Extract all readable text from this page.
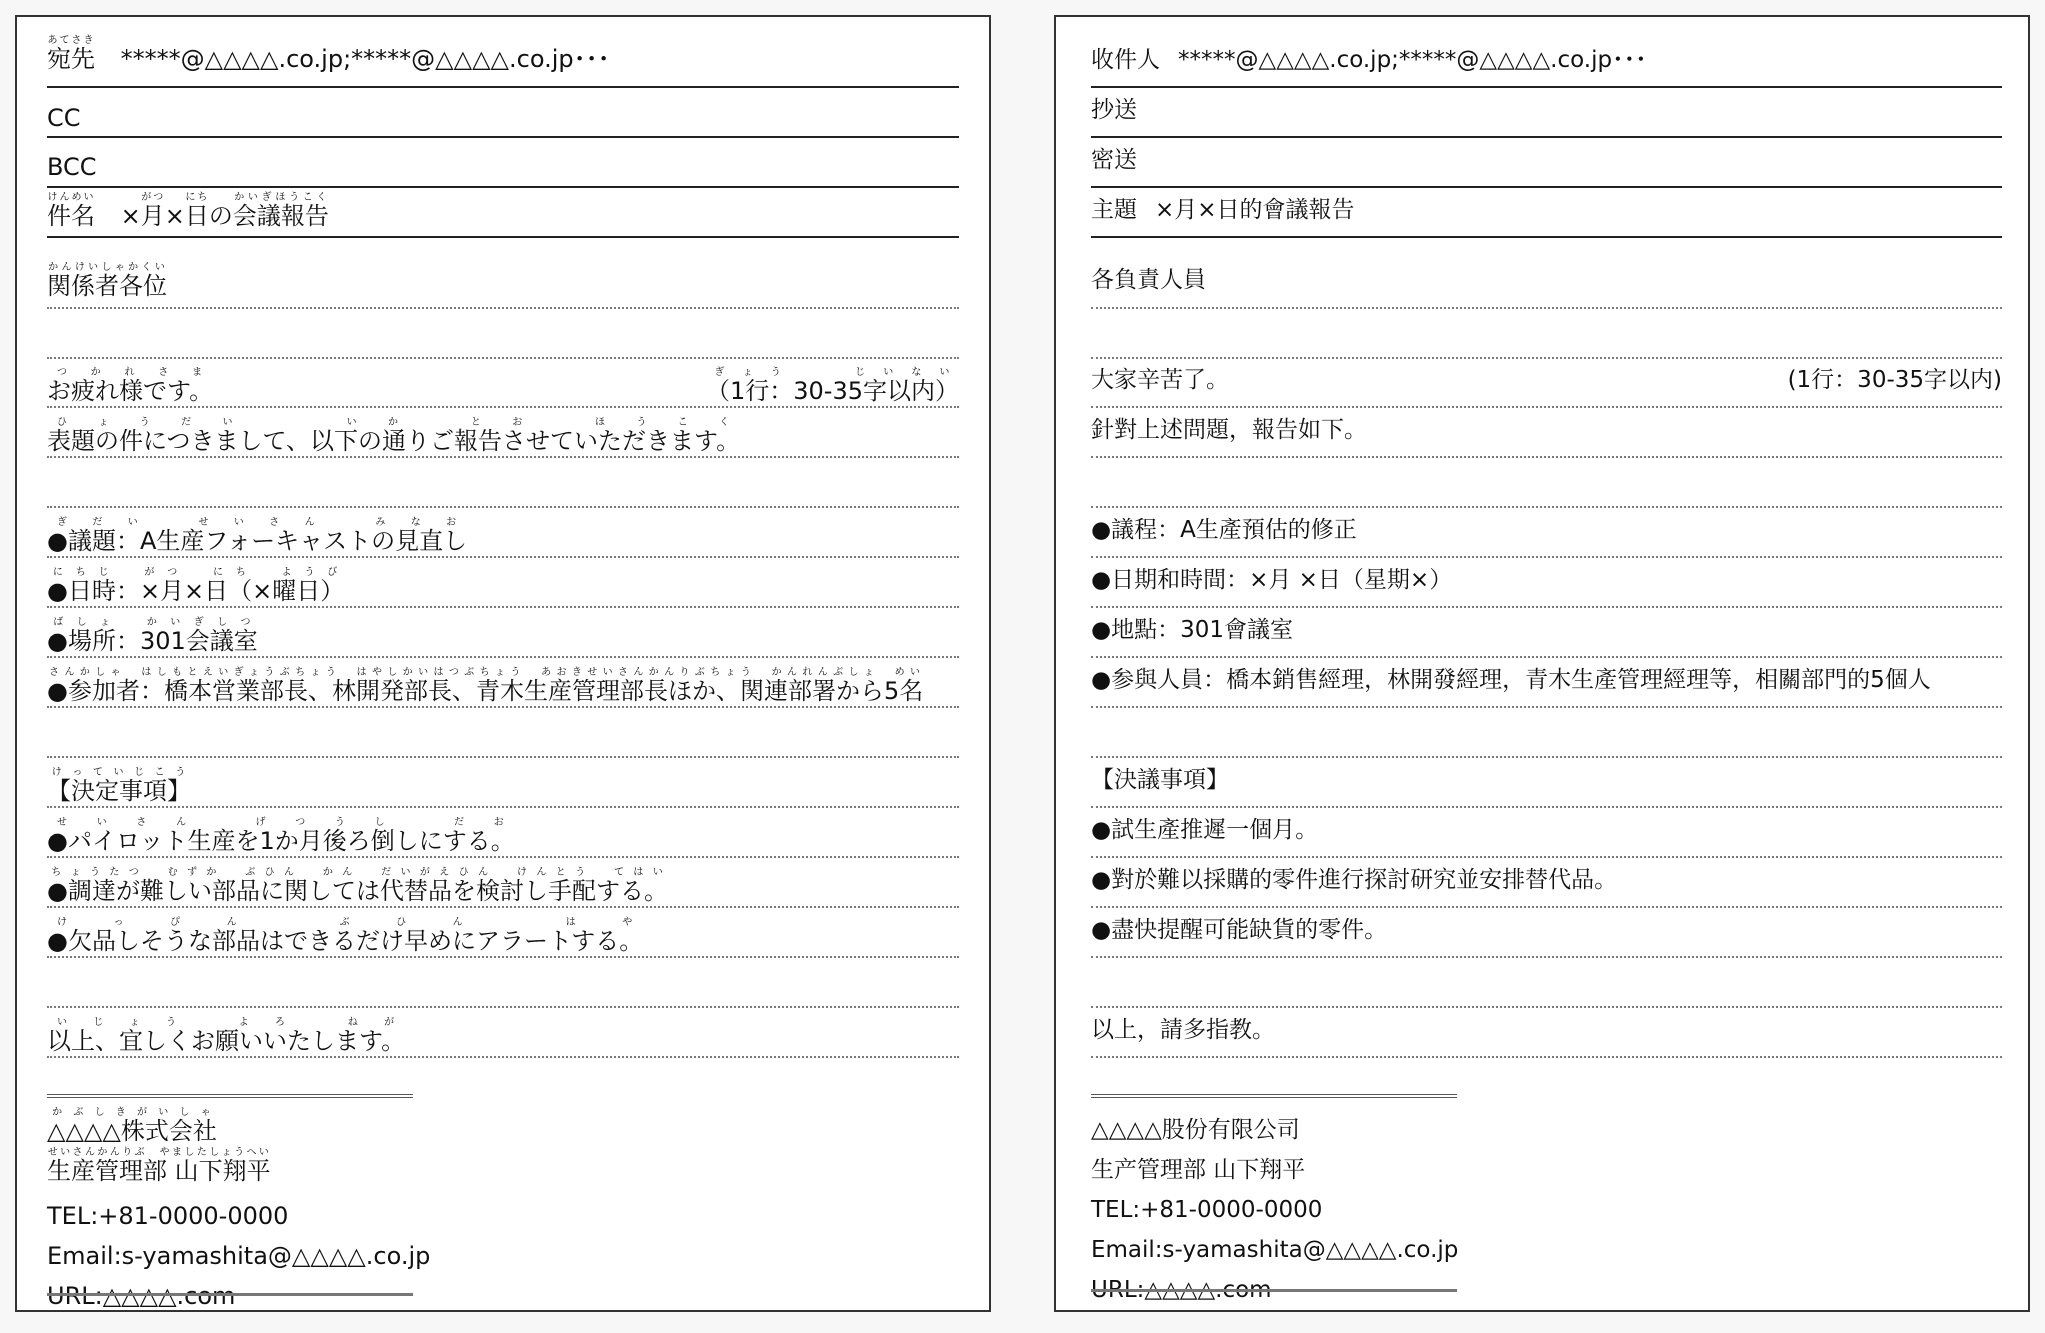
宛先あてさき *****@△△△△.co.jp;*****@△△△△.co.jp･･･
CC
BCC
件名けんめい ×月がつ×日にちの会議報告かいぎほうこく
関係者各位かんけいしゃかくい
お疲れ様です。つかれさま
（1行：30-35字以内）ぎょう　　じいない
表題の件につきまして、以下の通りご報告させていただきます。ひょうだい　　いか　とお　ほうこく
●議題：A生産フォーキャストの見直しぎだい　せいさん　みなお
●日時：×月×日（×曜日）にちじ　がつ　にち　ようび
●場所：301会議室ばしょ　かいぎしつ
●参加者：橋本営業部長、林開発部長、青木生産管理部長ほか、関連部署から5名さんかしゃ　はしもとえいぎょうぶちょう　はやしかいはつぶちょう　あおきせいさんかんりぶちょう　かんれんぶしょ　めい
【決定事項】けっていじこう
●パイロット生産を1か月後ろ倒しにする。せいさん　げつうし　だお
●調達が難しい部品に関しては代替品を検討し手配する。ちょうたつ　むずか　ぶひん　かん　だいがえひん　けんとう　てはい
●欠品しそうな部品はできるだけ早めにアラートする。けっぴん　ぶひん　はや
以上、宜しくお願いいたします。いじょう　よろ　ねが
△△△△株式会社かぶしきがいしゃ
生産管理部 山下翔平せいさんかんりぶ　やましたしょうへい
TEL:+81-0000-0000
Email:s-yamashita@△△△△.co.jp
URL:△△△△.com
收件人 *****@△△△△.co.jp;*****@△△△△.co.jp･･･
抄送
密送
主題 ×月×日的會議報告
各負責人員
大家辛苦了。	(1行：30-35字以内)
針對上述問題，報告如下。
●議程：A生產預估的修正
●日期和時間：×月 ×日（星期×）
●地點：301會議室
●参與人員：橋本銷售經理，林開發經理，青木生產管理經理等，相關部門的5個人
【決議事項】
●試生產推遲一個月。
●對於難以採購的零件進行探討研究並安排替代品。
●盡快提醒可能缺貨的零件。
以上，請多指教。
△△△△股份有限公司
生产管理部 山下翔平
TEL:+81-0000-0000
Email:s-yamashita@△△△△.co.jp
URL:△△△△.com
